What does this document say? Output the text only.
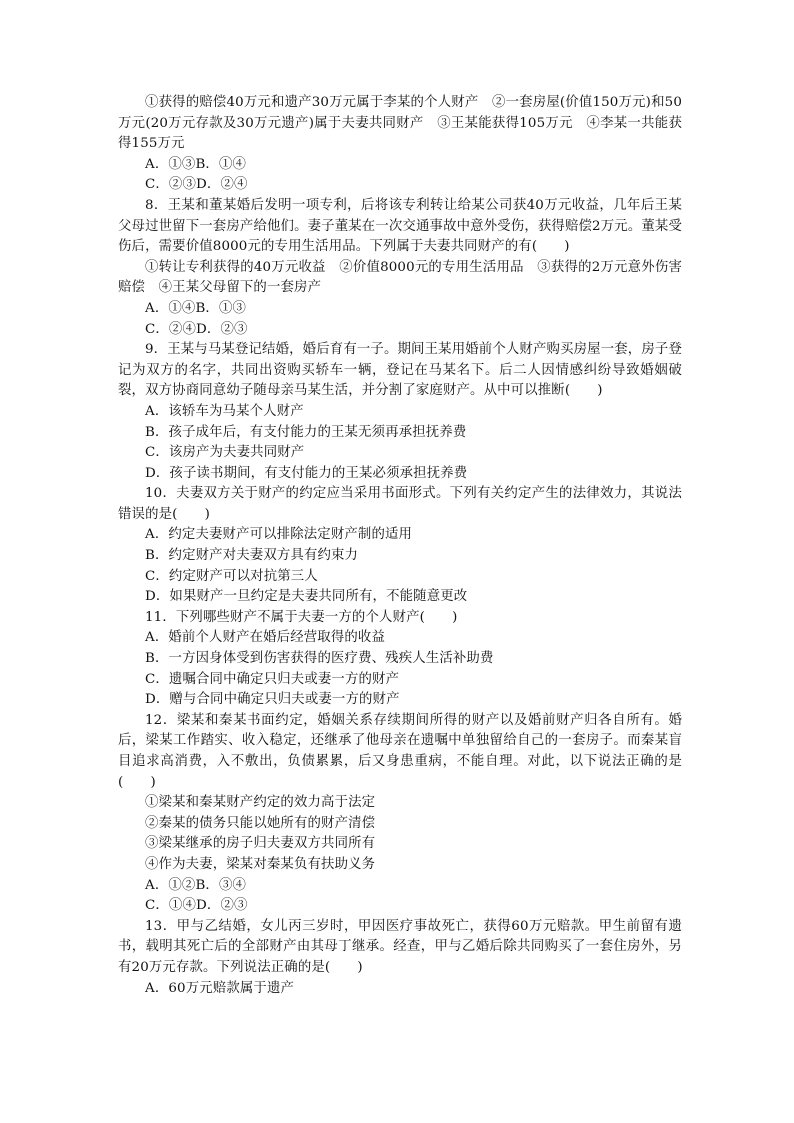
①获得的赔偿40万元和遗产30万元属于李某的个人财产　②一套房屋(价值150万元)和50万元(20万元存款及30万元遗产)属于夫妻共同财产　③王某能获得105万元　④李某一共能获得155万元

A．①③B．①④

C．②③D．②④

8．王某和董某婚后发明一项专利，后将该专利转让给某公司获40万元收益，几年后王某父母过世留下一套房产给他们。妻子董某在一次交通事故中意外受伤，获得赔偿2万元。董某受伤后，需要价值8000元的专用生活用品。下列属于夫妻共同财产的有(　　)

①转让专利获得的40万元收益　②价值8000元的专用生活用品　③获得的2万元意外伤害赔偿　④王某父母留下的一套房产

A．①④B．①③

C．②④D．②③

9．王某与马某登记结婚，婚后育有一子。期间王某用婚前个人财产购买房屋一套，房子登记为双方的名字，共同出资购买轿车一辆，登记在马某名下。后二人因情感纠纷导致婚姻破裂，双方协商同意幼子随母亲马某生活，并分割了家庭财产。从中可以推断(　　)

A．该轿车为马某个人财产

B．孩子成年后，有支付能力的王某无须再承担抚养费

C．该房产为夫妻共同财产

D．孩子读书期间，有支付能力的王某必须承担抚养费

10．夫妻双方关于财产的约定应当采用书面形式。下列有关约定产生的法律效力，其说法错误的是(　　)

A．约定夫妻财产可以排除法定财产制的适用

B．约定财产对夫妻双方具有约束力

C．约定财产可以对抗第三人

D．如果财产一旦约定是夫妻共同所有，不能随意更改

11．下列哪些财产不属于夫妻一方的个人财产(　　)

A．婚前个人财产在婚后经营取得的收益

B．一方因身体受到伤害获得的医疗费、残疾人生活补助费

C．遗嘱合同中确定只归夫或妻一方的财产

D．赠与合同中确定只归夫或妻一方的财产

12．梁某和秦某书面约定，婚姻关系存续期间所得的财产以及婚前财产归各自所有。婚后，梁某工作踏实、收入稳定，还继承了他母亲在遗嘱中单独留给自己的一套房子。而秦某盲目追求高消费，入不敷出，负债累累，后又身患重病，不能自理。对此，以下说法正确的是(　　)

①梁某和秦某财产约定的效力高于法定

②秦某的债务只能以她所有的财产清偿

③梁某继承的房子归夫妻双方共同所有

④作为夫妻，梁某对秦某负有扶助义务

A．①②B．③④

C．①④D．②③

13．甲与乙结婚，女儿丙三岁时，甲因医疗事故死亡，获得60万元赔款。甲生前留有遗书，载明其死亡后的全部财产由其母丁继承。经查，甲与乙婚后除共同购买了一套住房外，另有20万元存款。下列说法正确的是(　　)

A．60万元赔款属于遗产
